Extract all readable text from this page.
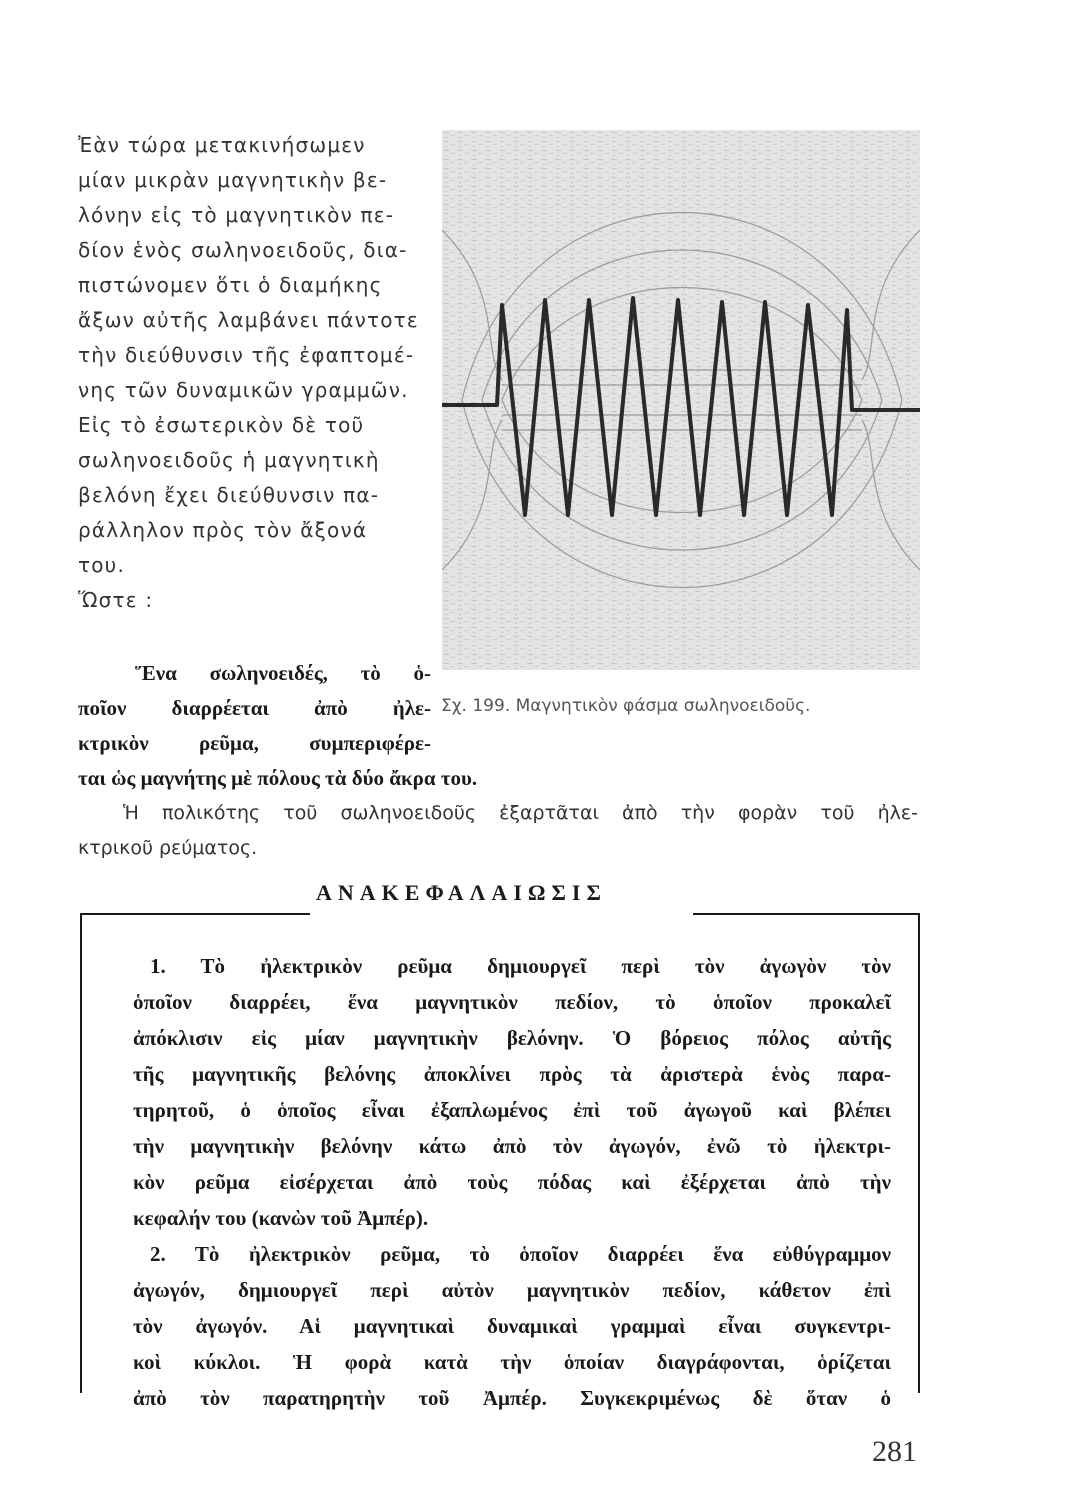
Ἐὰν τώρα μετακινήσωμεν
μίαν μικρὰν μαγνητικὴν βε-
λόνην εἰς τὸ μαγνητικὸν πε-
δίον ἑνὸς σωληνοειδοῦς, δια-
πιστώνομεν ὅτι ὁ διαμήκης
ἄξων αὐτῆς λαμβάνει πάντοτε
τὴν διεύθυνσιν τῆς ἐφαπτομέ-
νης τῶν δυναμικῶν γραμμῶν.
Εἰς τὸ ἐσωτερικὸν δὲ τοῦ
σωληνοειδοῦς ἡ μαγνητικὴ
βελόνη ἔχει διεύθυνσιν πα-
ράλληλον πρὸς τὸν ἄξονά
του.
Ὥστε :
Σχ. 199. Μαγνητικὸν φάσμα σωληνοειδοῦς.
Ἕνα σωληνοειδές, τὸ ὁ-
ποῖον διαρρέεται ἀπὸ ἠλε-
κτρικὸν ρεῦμα, συμπεριφέρε-
ται ὡς μαγνήτης μὲ πόλους τὰ δύο ἄκρα του.
Ἡ πολικότης τοῦ σωληνοειδοῦς ἐξαρτᾶται ἀπὸ τὴν φορὰν τοῦ ἠλε-
κτρικοῦ ρεύματος.
ΑΝΑΚΕΦΑΛΑΙΩΣΙΣ
1. Τὸ ἠλεκτρικὸν ρεῦμα δημιουργεῖ περὶ τὸν ἀγωγὸν τὸν
ὁποῖον διαρρέει, ἕνα μαγνητικὸν πεδίον, τὸ ὁποῖον προκαλεῖ
ἀπόκλισιν εἰς μίαν μαγνητικὴν βελόνην. Ὁ βόρειος πόλος αὐτῆς
τῆς μαγνητικῆς βελόνης ἀποκλίνει πρὸς τὰ ἀριστερὰ ἑνὸς παρα-
τηρητοῦ, ὁ ὁποῖος εἶναι ἐξαπλωμένος ἐπὶ τοῦ ἀγωγοῦ καὶ βλέπει
τὴν μαγνητικὴν βελόνην κάτω ἀπὸ τὸν ἀγωγόν, ἐνῶ τὸ ἠλεκτρι-
κὸν ρεῦμα εἰσέρχεται ἀπὸ τοὺς πόδας καὶ ἐξέρχεται ἀπὸ τὴν
κεφαλήν του (κανὼν τοῦ Ἀμπέρ).
2. Τὸ ἠλεκτρικὸν ρεῦμα, τὸ ὁποῖον διαρρέει ἕνα εὐθύγραμμον
ἀγωγόν, δημιουργεῖ περὶ αὐτὸν μαγνητικὸν πεδίον, κάθετον ἐπὶ
τὸν ἀγωγόν. Αἱ μαγνητικαὶ δυναμικαὶ γραμμαὶ εἶναι συγκεντρι-
κοὶ κύκλοι. Ἡ φορὰ κατὰ τὴν ὁποίαν διαγράφονται, ὁρίζεται
ἀπὸ τὸν παρατηρητὴν τοῦ Ἀμπέρ. Συγκεκριμένως δὲ ὅταν ὁ
281
